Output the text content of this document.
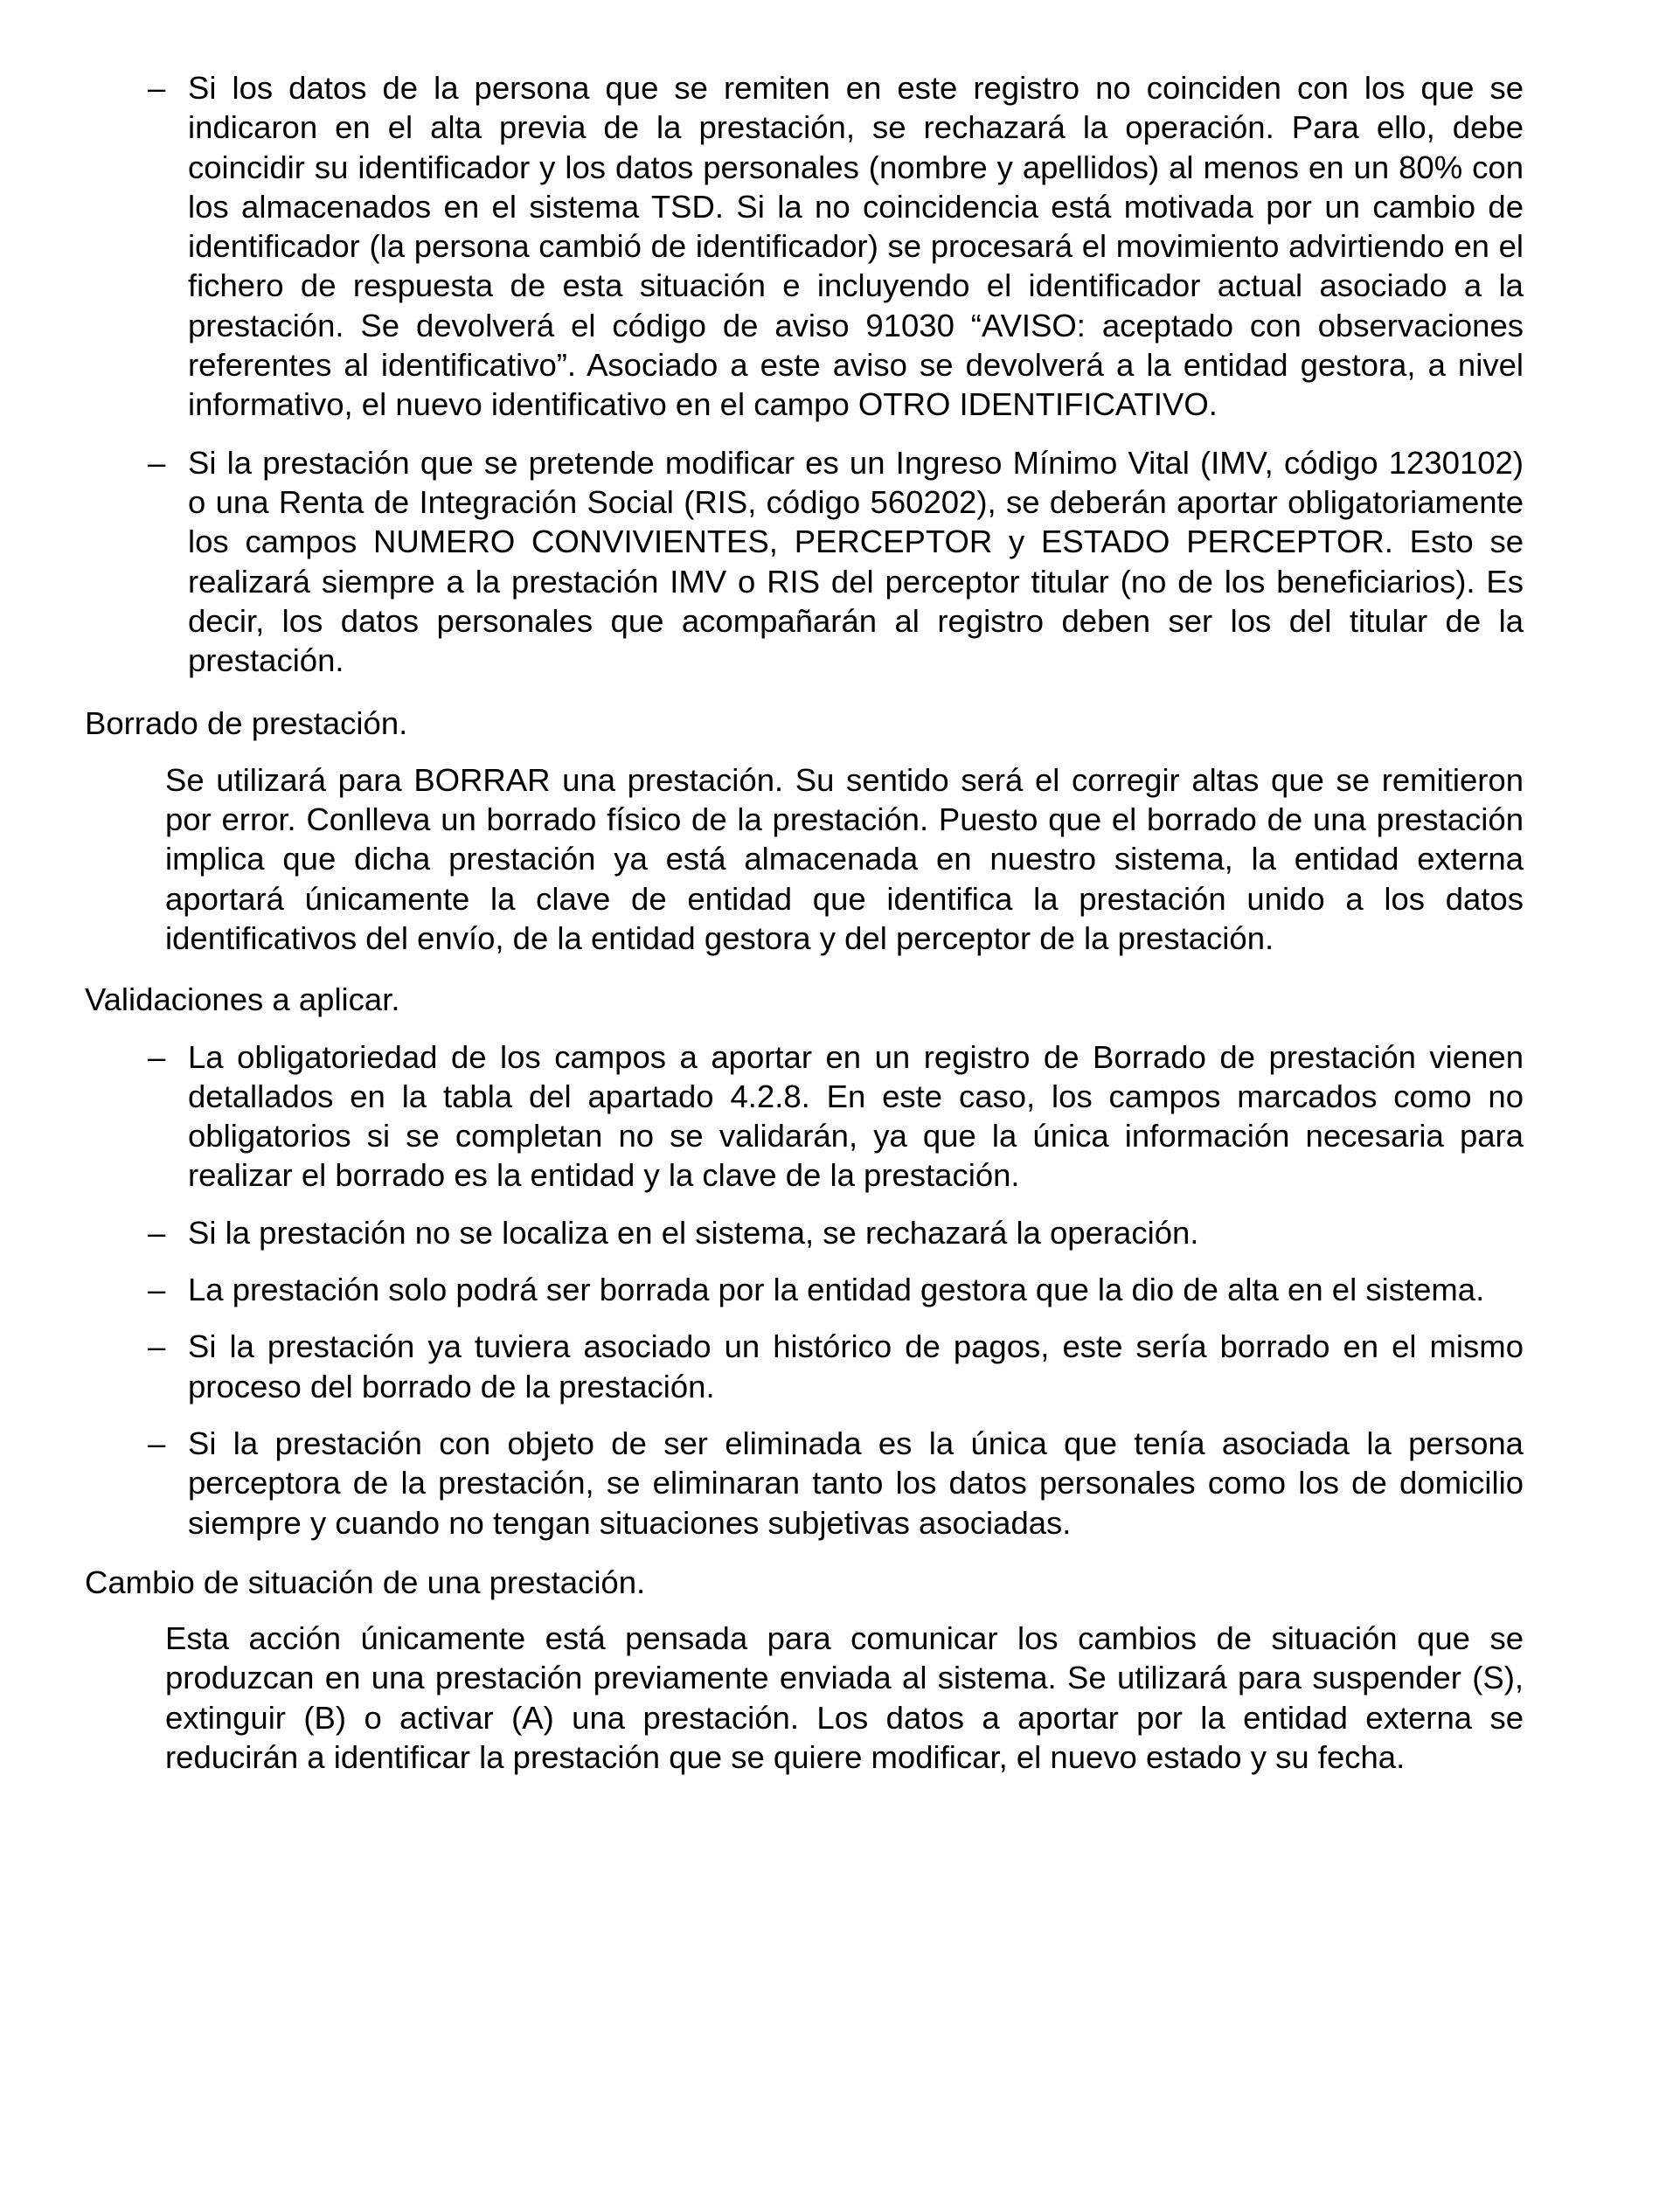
– Si los datos de la persona que se remiten en este registro no coinciden con los que se indicaron en el alta previa de la prestación, se rechazará la operación. Para ello, debe coincidir su identificador y los datos personales (nombre y apellidos) al menos en un 80% con los almacenados en el sistema TSD. Si la no coincidencia está motivada por un cambio de identificador (la persona cambió de identificador) se procesará el movimiento advirtiendo en el fichero de respuesta de esta situación e incluyendo el identificador actual asociado a la prestación. Se devolverá el código de aviso 91030 “AVISO: aceptado con observaciones referentes al identificativo”. Asociado a este aviso se devolverá a la entidad gestora, a nivel informativo, el nuevo identificativo en el campo OTRO IDENTIFICATIVO.
– Si la prestación que se pretende modificar es un Ingreso Mínimo Vital (IMV, código 1230102) o una Renta de Integración Social (RIS, código 560202), se deberán aportar obligatoriamente los campos NUMERO CONVIVIENTES, PERCEPTOR y ESTADO PERCEPTOR. Esto se realizará siempre a la prestación IMV o RIS del perceptor titular (no de los beneficiarios). Es decir, los datos personales que acompañarán al registro deben ser los del titular de la prestación.
Borrado de prestación.

Se utilizará para BORRAR una prestación. Su sentido será el corregir altas que se remitieron por error. Conlleva un borrado físico de la prestación. Puesto que el borrado de una prestación implica que dicha prestación ya está almacenada en nuestro sistema, la entidad externa aportará únicamente la clave de entidad que identifica la prestación unido a los datos identificativos del envío, de la entidad gestora y del perceptor de la prestación.

Validaciones a aplicar.
– La obligatoriedad de los campos a aportar en un registro de Borrado de prestación vienen detallados en la tabla del apartado 4.2.8. En este caso, los campos marcados como no obligatorios si se completan no se validarán, ya que la única información necesaria para realizar el borrado es la entidad y la clave de la prestación.
– Si la prestación no se localiza en el sistema, se rechazará la operación.
– La prestación solo podrá ser borrada por la entidad gestora que la dio de alta en el sistema.
– Si la prestación ya tuviera asociado un histórico de pagos, este sería borrado en el mismo proceso del borrado de la prestación.
– Si la prestación con objeto de ser eliminada es la única que tenía asociada la persona perceptora de la prestación, se eliminaran tanto los datos personales como los de domicilio siempre y cuando no tengan situaciones subjetivas asociadas.
Cambio de situación de una prestación.

Esta acción únicamente está pensada para comunicar los cambios de situación que se produzcan en una prestación previamente enviada al sistema. Se utilizará para suspender (S), extinguir (B) o activar (A) una prestación. Los datos a aportar por la entidad externa se reducirán a identificar la prestación que se quiere modificar, el nuevo estado y su fecha.
